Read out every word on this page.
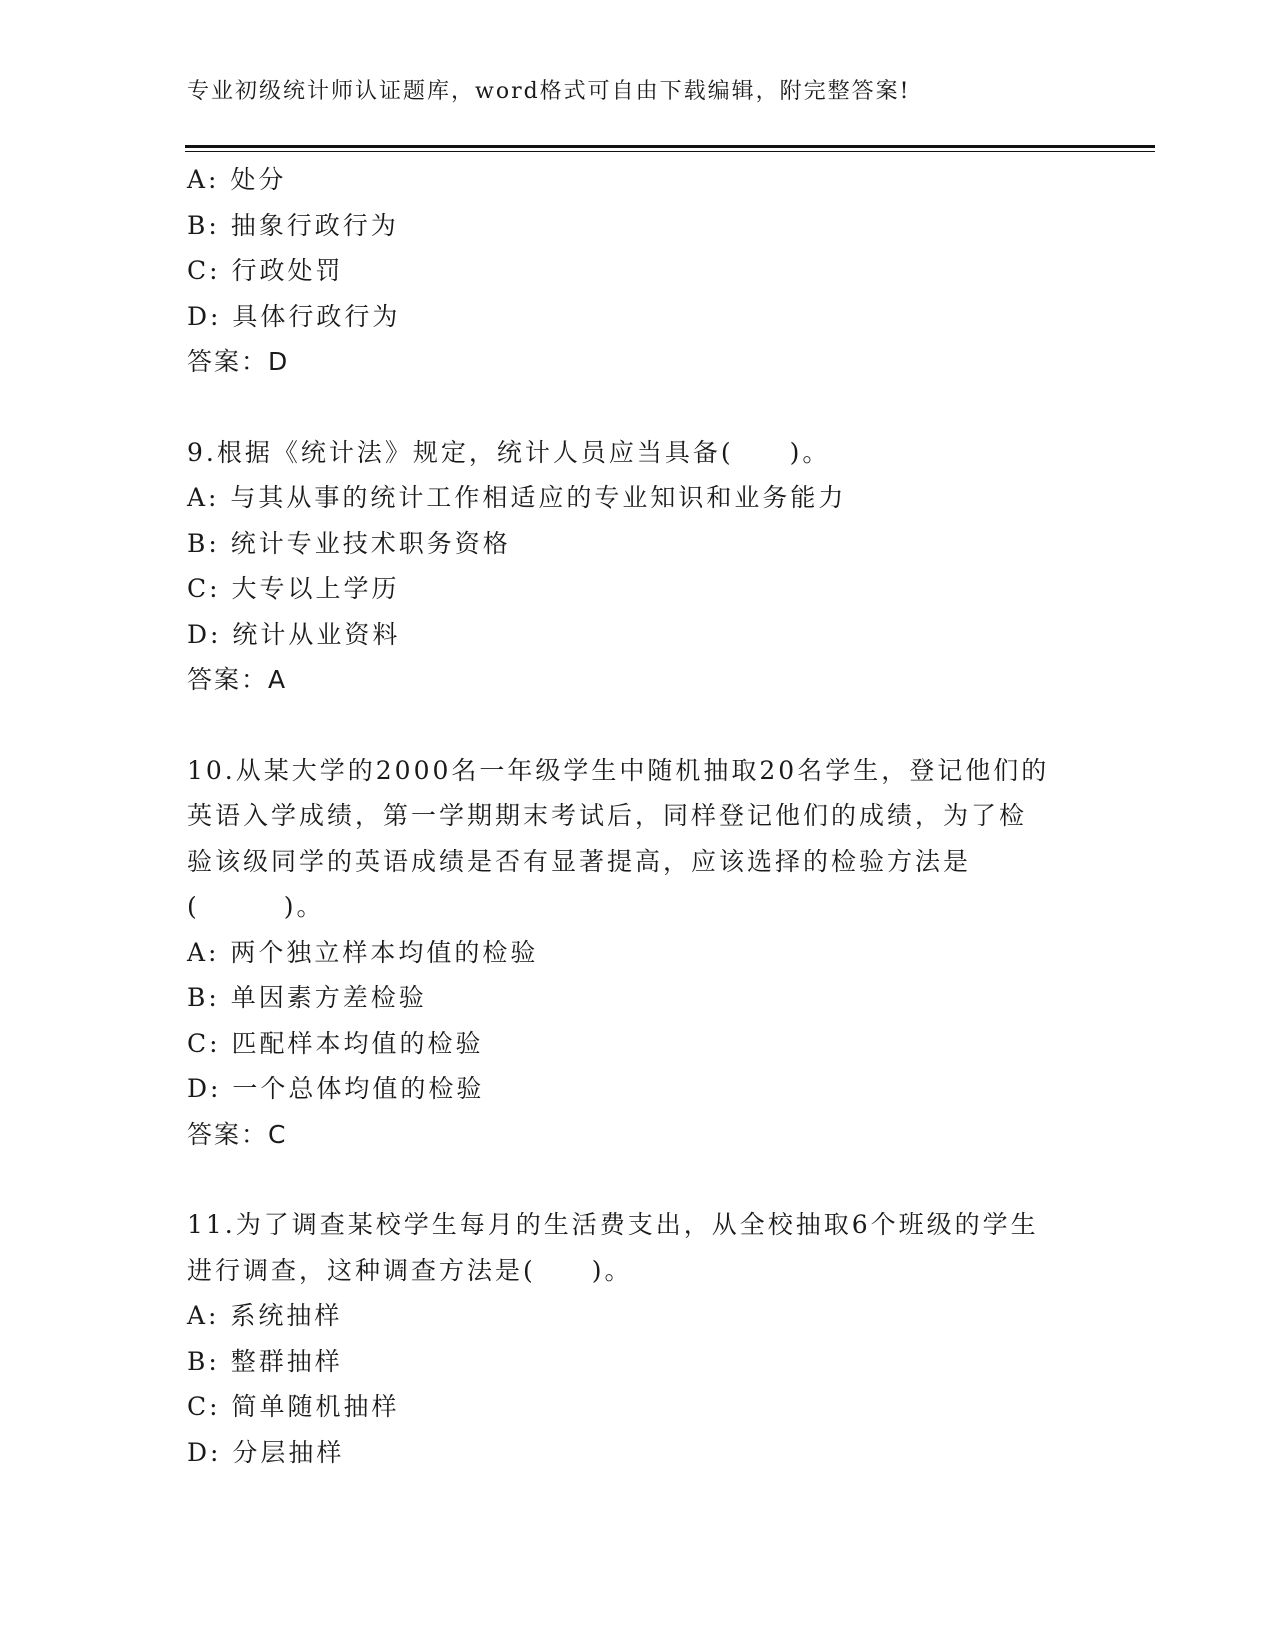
专业初级统计师认证题库，word格式可自由下载编辑，附完整答案!
A: 处分
B: 抽象行政行为
C: 行政处罚
D: 具体行政行为
答案：D
9.根据《统计法》规定，统计人员应当具备(　　)。
A: 与其从事的统计工作相适应的专业知识和业务能力
B: 统计专业技术职务资格
C: 大专以上学历
D: 统计从业资料
答案：A
10.从某大学的2000名一年级学生中随机抽取20名学生，登记他们的
英语入学成绩，第一学期期末考试后，同样登记他们的成绩，为了检
验该级同学的英语成绩是否有显著提高，应该选择的检验方法是
(　　　)。
A: 两个独立样本均值的检验
B: 单因素方差检验
C: 匹配样本均值的检验
D: 一个总体均值的检验
答案：C
11.为了调查某校学生每月的生活费支出，从全校抽取6个班级的学生
进行调查，这种调查方法是(　　)。
A: 系统抽样
B: 整群抽样
C: 简单随机抽样
D: 分层抽样
